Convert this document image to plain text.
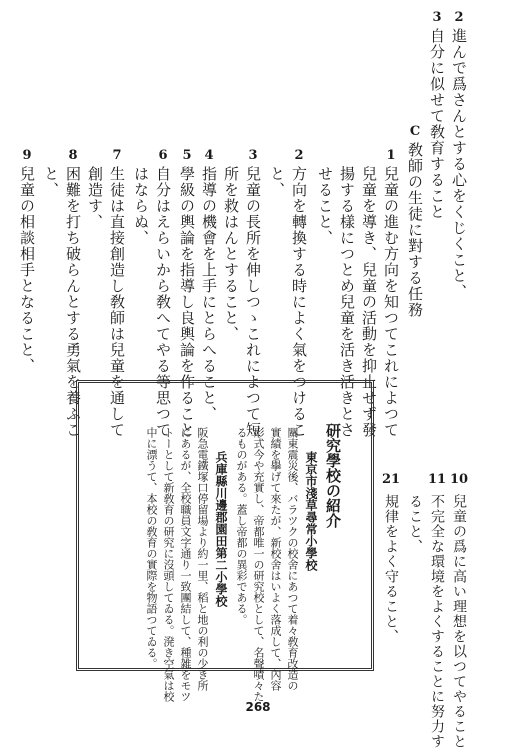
2
進んで爲さんとする心をくじくこと、
3
自分に似せて敎育すること
C
敎師の生徒に對する任務
1
兒童の進む方向を知つてこれによつて
兒童を導き、兒童の活動を抑止せず發
揚する樣につとめ兒童を活き活きとさ
せること、
2
方向を轉換する時によく氣をつけるこ
と、
3
兒童の長所を伸しつゝこれによつて短
所を救はんとすること、
4
指導の機會を上手にとらへること、
5
學級の輿論を指導し良輿論を作ること
6
自分はえらいから敎へてやる等思つて
はならぬ、
7
生徒は直接創造し敎師は兒童を通して
創造す、
8
困難を打ち破らんとする勇氣を養ふこ
と、
9
兒童の相談相手となること、
10
兒童の爲に高い理想を以つてやること
11
不完全な環境をよくすることに努力す
ること、
21
規律をよく守ること、
研究學校の紹介
東京市淺草尋常小學校
關東震災後、バラツクの校舍にあつて着々敎育改造の
實績を擧げて來たが、新校舍はいよく落成して、內容
形式今や充實し、帝都唯一の研究校として、名聲嘖々た
るものがある。蓋し帝都の異彩である。
兵庫縣川邊郡園田第二小學校
阪急電鐵塚口停留場より約一里、稻と地の利の少き所
にあるが、全校職員文字通り一致團結して、種雑をモツ
トーとして新敎育の研究に沒頭してゐる。溌き空氣は校
中に漂うて、本校の敎育の實際を物語つてゐる。
268
